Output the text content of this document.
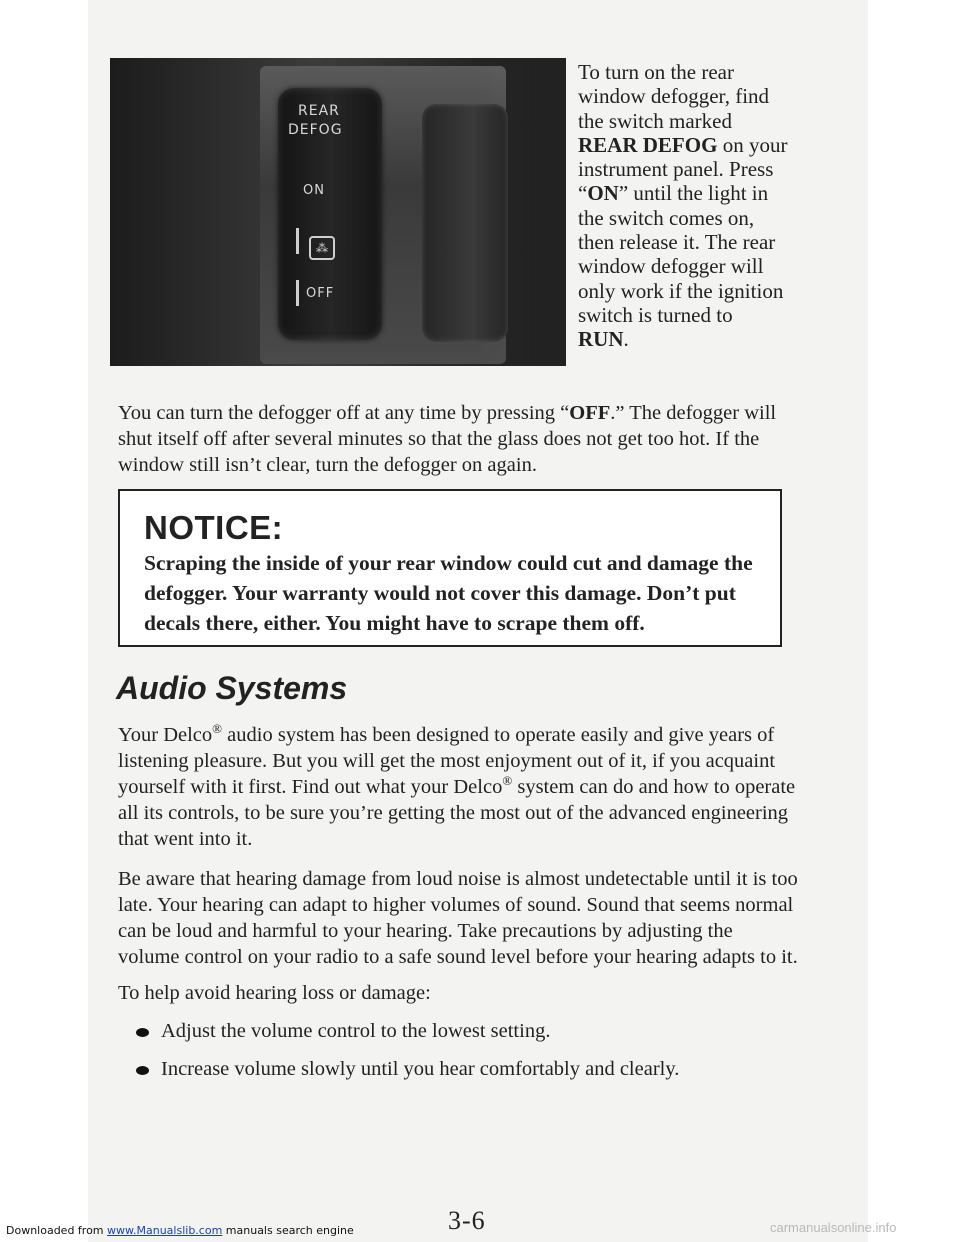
REAR
DEFOG
ON
⁂
OFF

To turn on the rear window defogger, find the switch marked REAR DEFOG on your instrument panel. Press “ON” until the light in the switch comes on, then release it. The rear window defogger will only work if the ignition switch is turned to RUN.

You can turn the defogger off at any time by pressing “OFF.” The defogger will shut itself off after several minutes so that the glass does not get too hot. If the window still isn’t clear, turn the defogger on again.

NOTICE:

Scraping the inside of your rear window could cut and damage the defogger. Your warranty would not cover this damage. Don’t put decals there, either. You might have to scrape them off.

Audio Systems

Your Delco® audio system has been designed to operate easily and give years of listening pleasure. But you will get the most enjoyment out of it, if you acquaint yourself with it first. Find out what your Delco® system can do and how to operate all its controls, to be sure you’re getting the most out of the advanced engineering that went into it.

Be aware that hearing damage from loud noise is almost undetectable until it is too late. Your hearing can adapt to higher volumes of sound. Sound that seems normal can be loud and harmful to your hearing. Take precautions by adjusting the volume control on your radio to a safe sound level before your hearing adapts to it.

To help avoid hearing loss or damage:

Adjust the volume control to the lowest setting.

Increase volume slowly until you hear comfortably and clearly.

3-6

Downloaded from www.Manualslib.com manuals search engine	carmanualsonline.info
